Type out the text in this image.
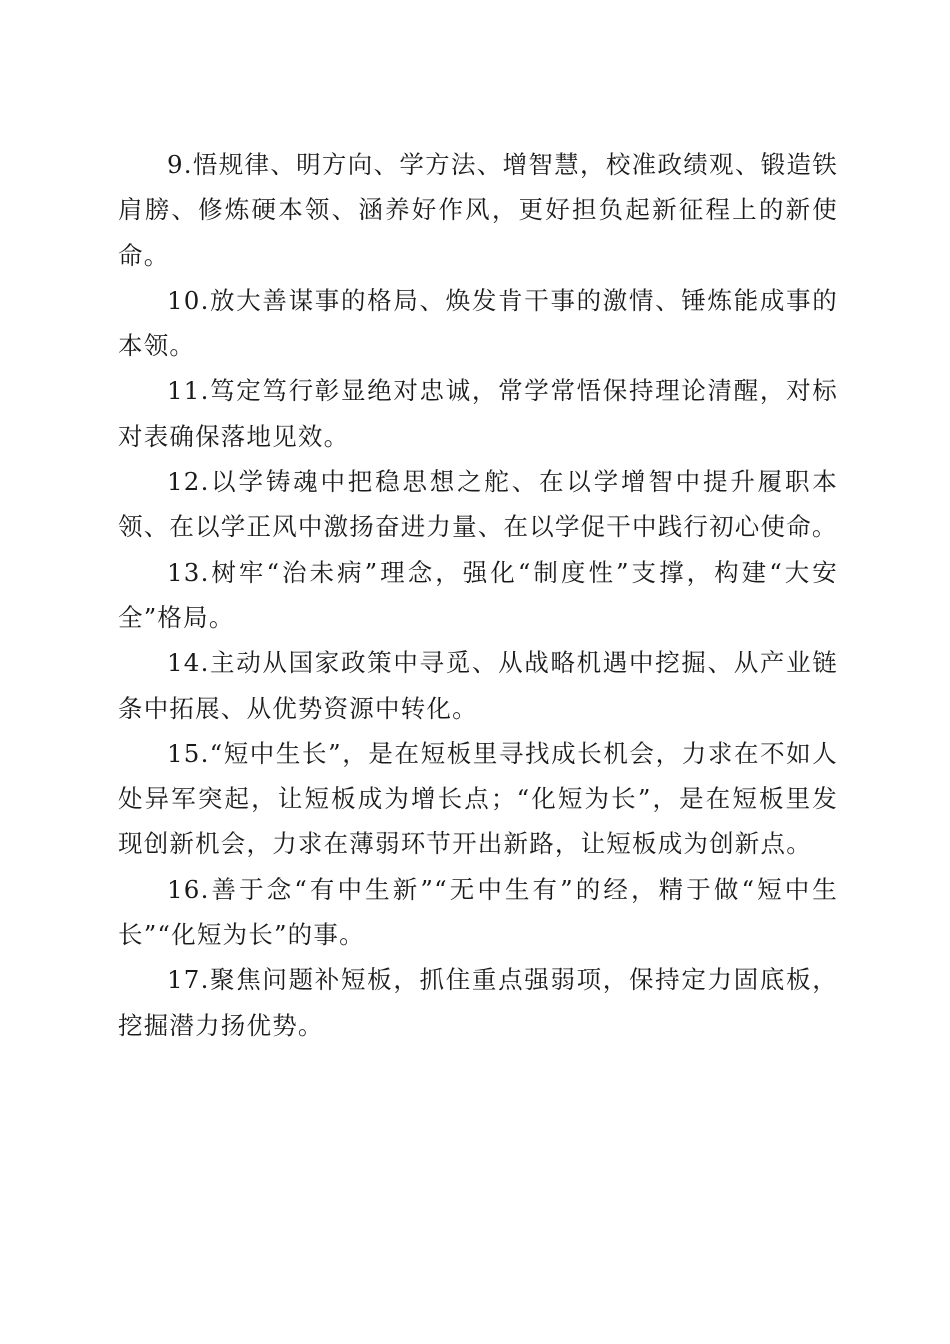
9.悟规律、明方向、学方法、增智慧，校准政绩观、锻造铁肩膀、修炼硬本领、涵养好作风，更好担负起新征程上的新使命。

10.放大善谋事的格局、焕发肯干事的激情、锤炼能成事的本领。

11.笃定笃行彰显绝对忠诚，常学常悟保持理论清醒，对标对表确保落地见效。

12.以学铸魂中把稳思想之舵、在以学增智中提升履职本领、在以学正风中激扬奋进力量、在以学促干中践行初心使命。

13.树牢“治未病”理念，强化“制度性”支撑，构建“大安全”格局。

14.主动从国家政策中寻觅、从战略机遇中挖掘、从产业链条中拓展、从优势资源中转化。

15.“短中生长”，是在短板里寻找成长机会，力求在不如人处异军突起，让短板成为增长点；“化短为长”，是在短板里发现创新机会，力求在薄弱环节开出新路，让短板成为创新点。

16.善于念“有中生新”“无中生有”的经，精于做“短中生长”“化短为长”的事。

17.聚焦问题补短板，抓住重点强弱项，保持定力固底板，挖掘潜力扬优势。
